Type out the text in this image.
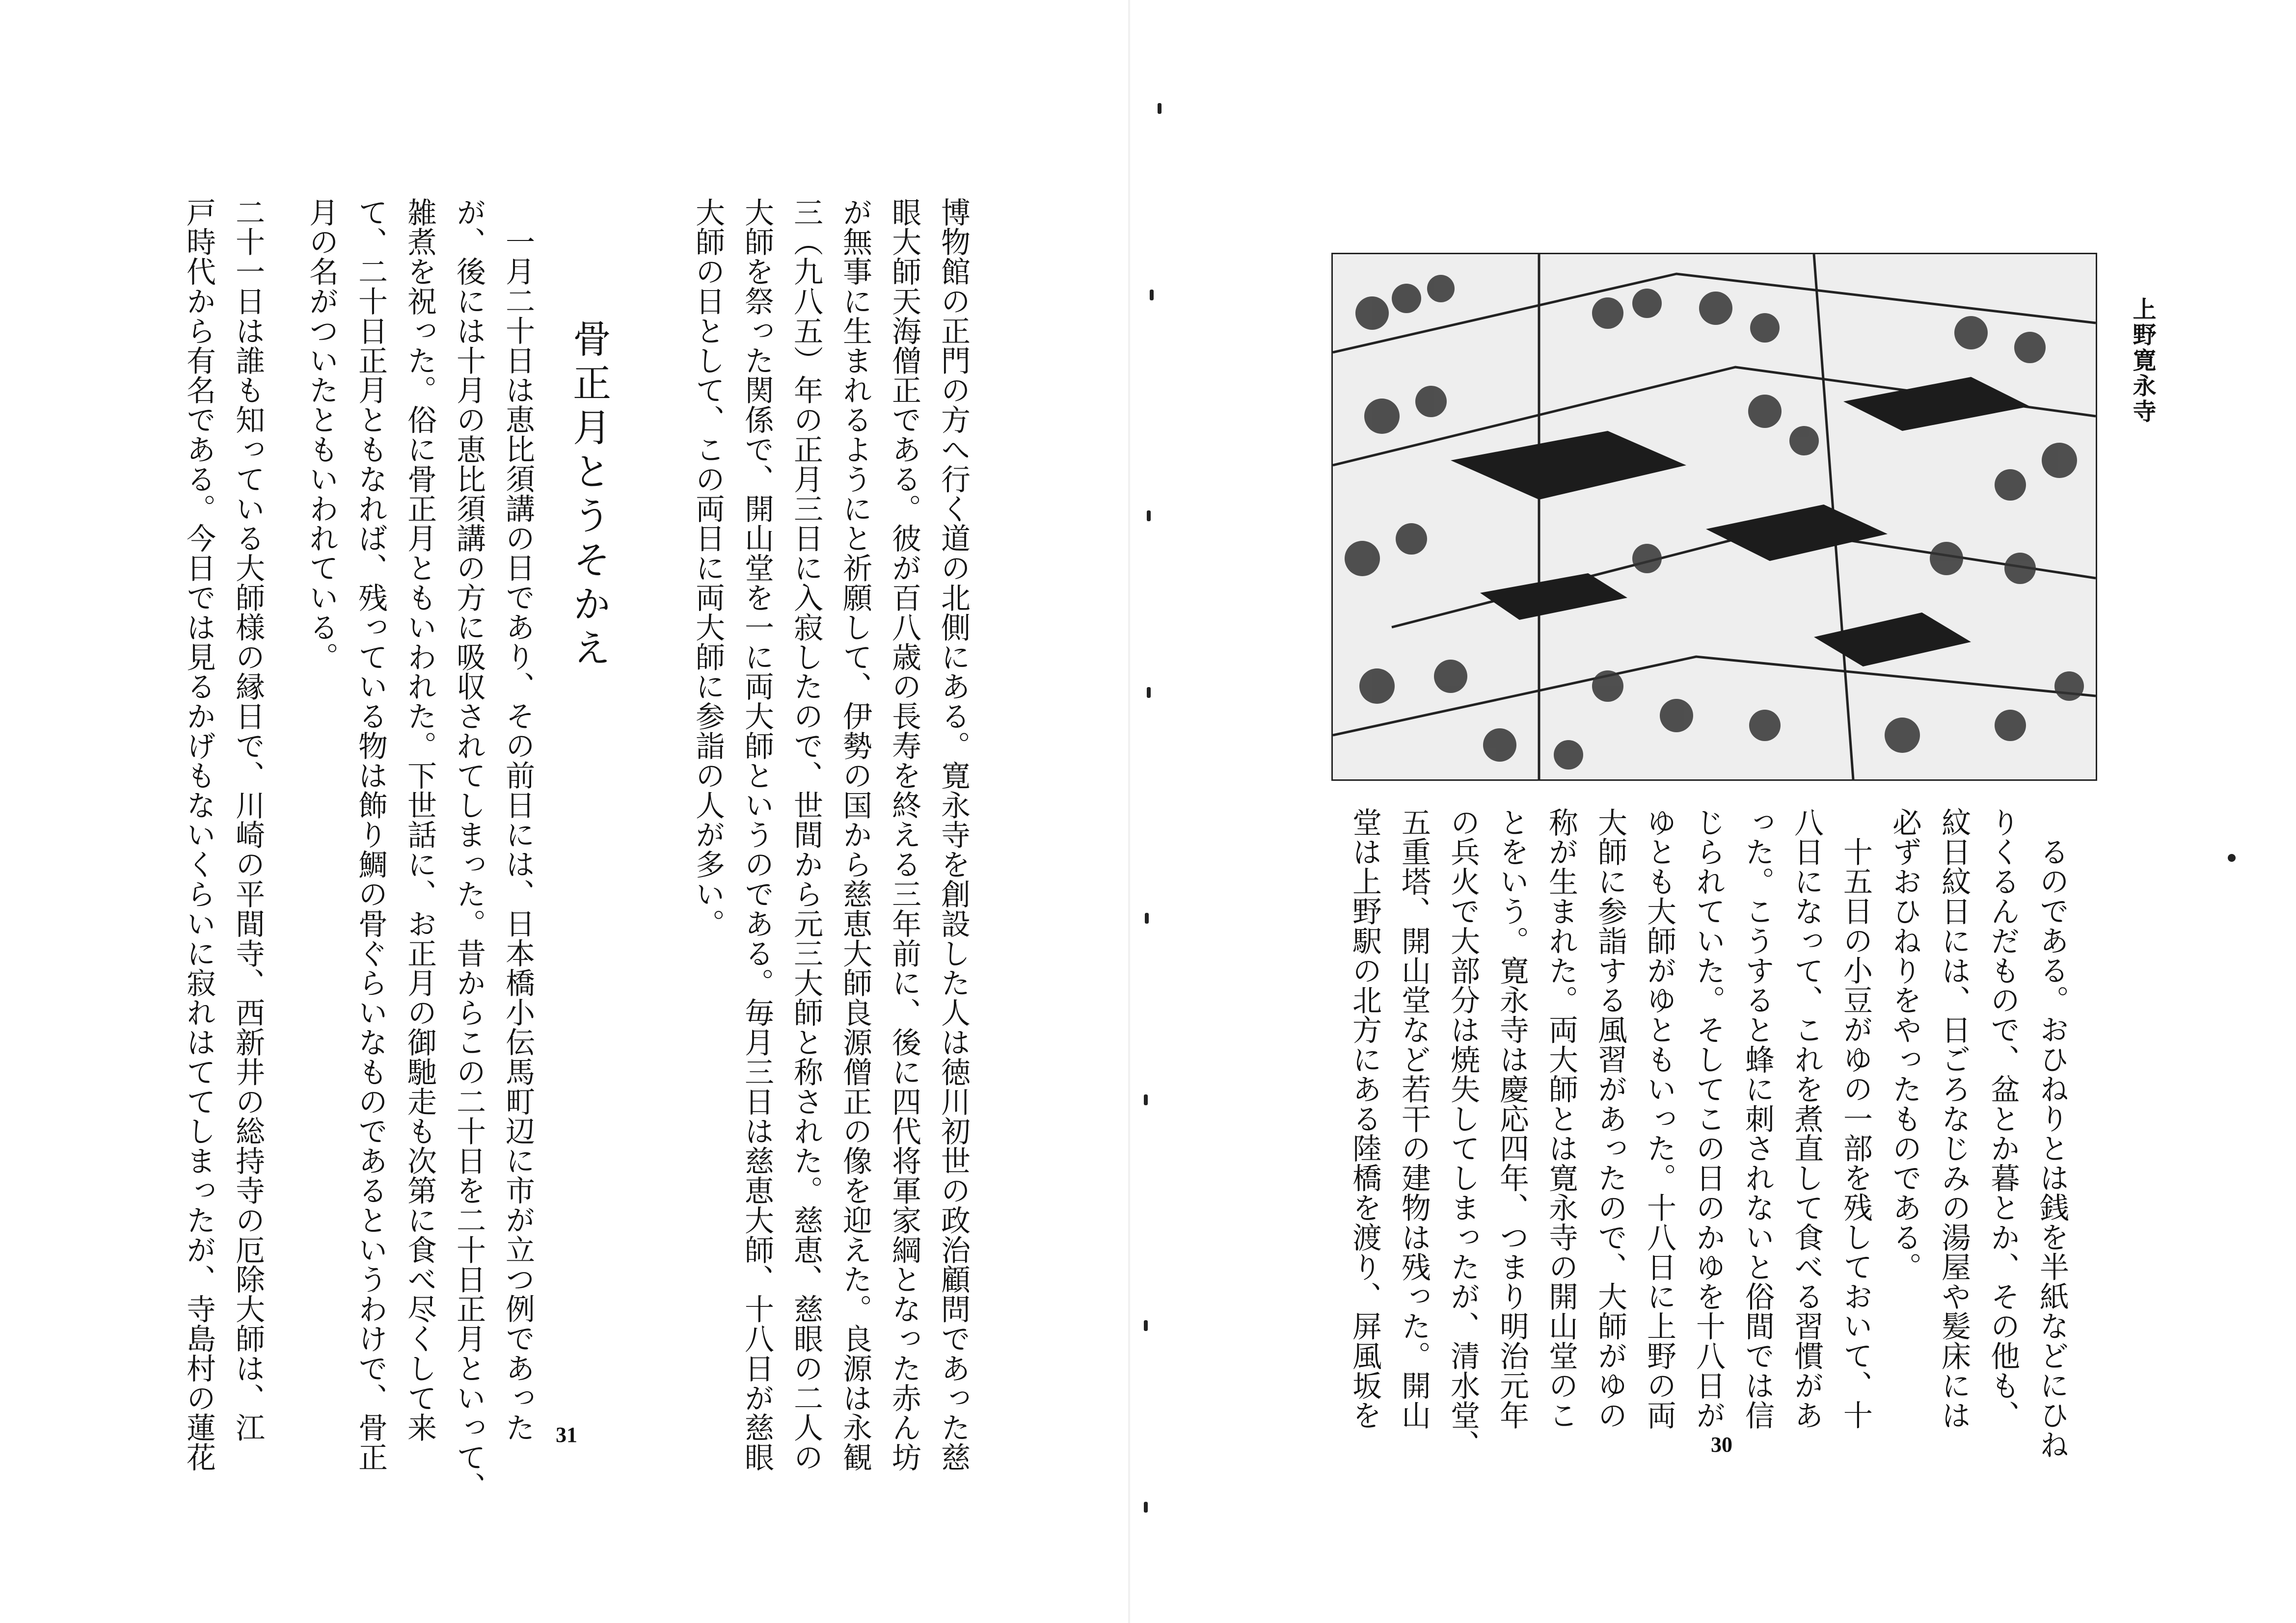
博物館の正門の方へ行く道の北側にある。寛永寺を創設した人は徳川初世の政治顧問であった慈
眼大師天海僧正である。彼が百八歳の長寿を終える三年前に、後に四代将軍家綱となった赤ん坊
が無事に生まれるようにと祈願して、伊勢の国から慈恵大師良源僧正の像を迎えた。良源は永観
三（九八五）年の正月三日に入寂したので、世間から元三大師と称された。慈恵、慈眼の二人の
大師を祭った関係で、開山堂を一に両大師というのである。毎月三日は慈恵大師、十八日が慈眼
大師の日として、この両日に両大師に参詣の人が多い。
骨正月とうそかえ
一月二十日は恵比須講の日であり、その前日には、日本橋小伝馬町辺に市が立つ例であった
が、後には十月の恵比須講の方に吸収されてしまった。昔からこの二十日を二十日正月といって、
雑煮を祝った。俗に骨正月ともいわれた。下世話に、お正月の御馳走も次第に食べ尽くして来
て、二十日正月ともなれば、残っている物は飾り鯛の骨ぐらいなものであるというわけで、骨正
月の名がついたともいわれている。
二十一日は誰も知っている大師様の縁日で、川崎の平間寺、西新井の総持寺の厄除大師は、江
戸時代から有名である。今日では見るかげもないくらいに寂れはててしまったが、寺島村の蓮花	31
上野寛永寺
るのである。おひねりとは銭を半紙などにひね
りくるんだもので、盆とか暮とか、その他も、
紋日紋日には、日ごろなじみの湯屋や髪床には
必ずおひねりをやったものである。
十五日の小豆がゆの一部を残しておいて、十
八日になって、これを煮直して食べる習慣があ
った。こうすると蜂に刺されないと俗間では信
じられていた。そしてこの日のかゆを十八日が
ゆとも大師がゆともいった。十八日に上野の両
大師に参詣する風習があったので、大師がゆの
称が生まれた。両大師とは寛永寺の開山堂のこ
とをいう。寛永寺は慶応四年、つまり明治元年
の兵火で大部分は焼失してしまったが、清水堂、
五重塔、開山堂など若干の建物は残った。開山
堂は上野駅の北方にある陸橋を渡り、屏風坂を
30
